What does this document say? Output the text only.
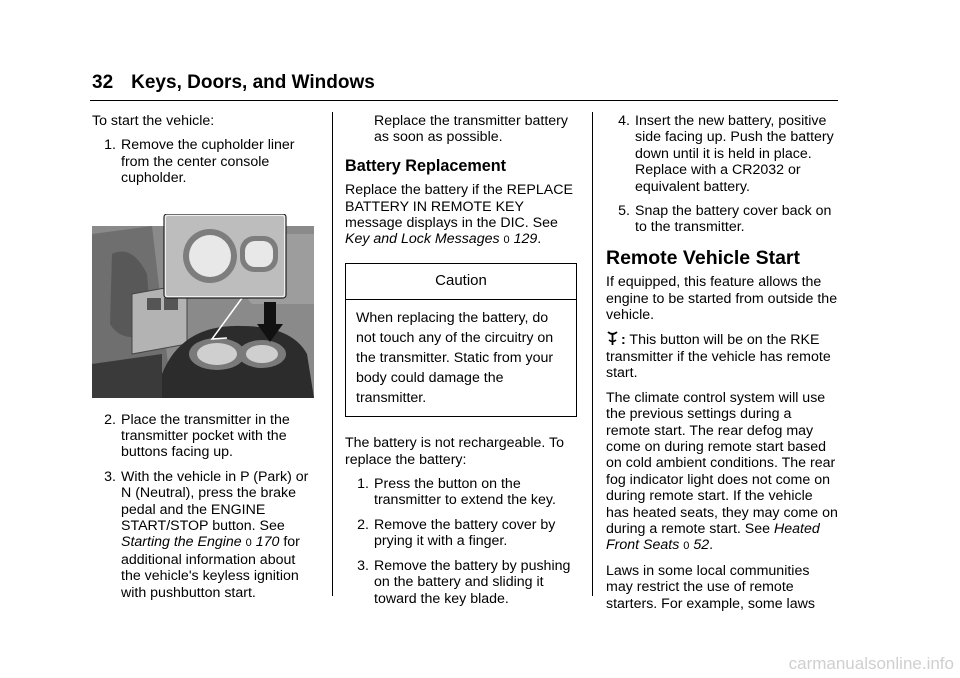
32 Keys, Doors, and Windows

To start the vehicle:

1. Remove the cupholder liner from the center console cupholder.
2. Place the transmitter in the transmitter pocket with the buttons facing up.
3. With the vehicle in P (Park) or N (Neutral), press the brake pedal and the ENGINE START/STOP button. See Starting the Engine 0 170 for additional information about the vehicle's keyless ignition with pushbutton start.
Replace the transmitter battery as soon as possible.
Battery Replacement

Replace the battery if the REPLACE BATTERY IN REMOTE KEY message displays in the DIC. See Key and Lock Messages 0 129.

Caution
When replacing the battery, do not touch any of the circuitry on the transmitter. Static from your body could damage the transmitter.

The battery is not rechargeable. To replace the battery:

1. Press the button on the transmitter to extend the key.
2. Remove the battery cover by prying it with a finger.
3. Remove the battery by pushing on the battery and sliding it toward the key blade.
4. Insert the new battery, positive side facing up. Push the battery down until it is held in place. Replace with a CR2032 or equivalent battery.
5. Snap the battery cover back on to the transmitter.
Remote Vehicle Start

If equipped, this feature allows the engine to be started from outside the vehicle.

: This button will be on the RKE transmitter if the vehicle has remote start.

The climate control system will use the previous settings during a remote start. The rear defog may come on during remote start based on cold ambient conditions. The rear fog indicator light does not come on during remote start. If the vehicle has heated seats, they may come on during a remote start. See Heated Front Seats 0 52.

Laws in some local communities may restrict the use of remote starters. For example, some laws

carmanualsonline.info
